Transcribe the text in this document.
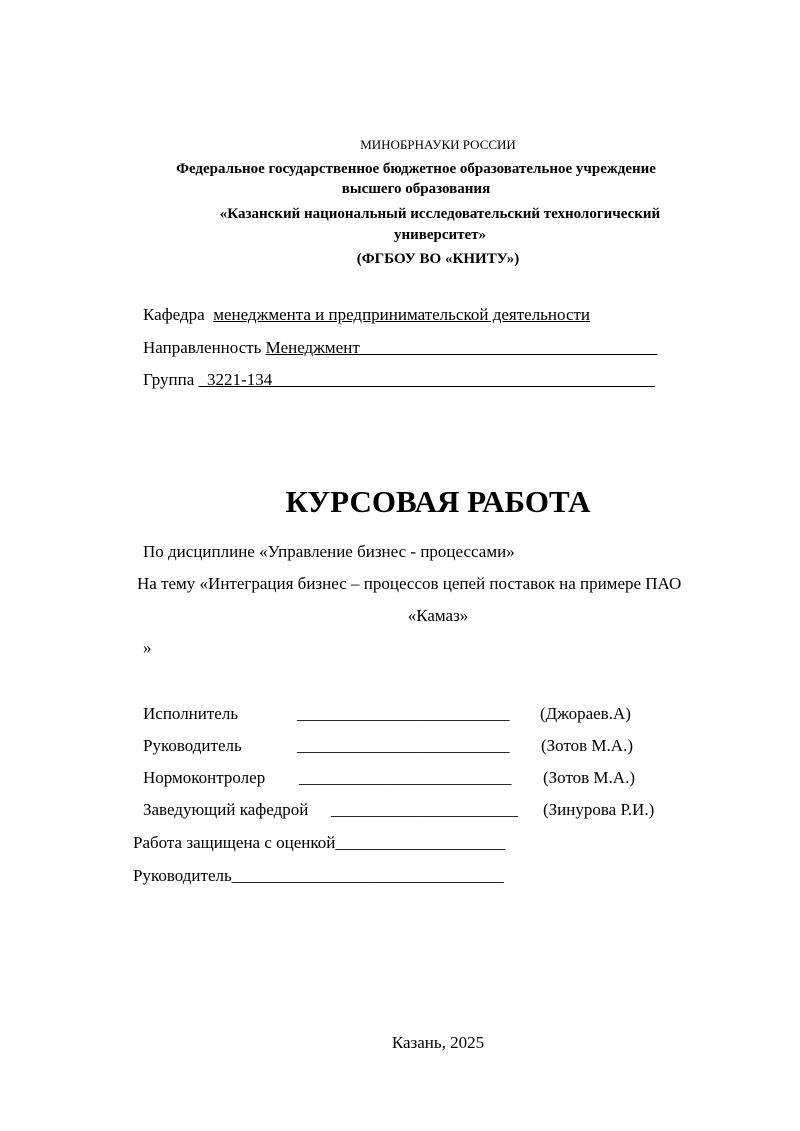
МИНОБРНАУКИ РОССИИ
Федеральное государственное бюджетное образовательное учреждение
высшего образования
«Казанский национальный исследовательский технологический
университет»
(ФГБОУ ВО «КНИТУ»)
Кафедра менеджмента и предпринимательской деятельности
Направленность Менеджмент___________________________________
Группа _3221-134_____________________________________________
КУРСОВАЯ РАБОТА
По дисциплине «Управление бизнес - процессами»
На тему «Интеграция бизнес – процессов цепей поставок на примере ПАО
«Камаз»
»
Исполнитель	_________________________ (Джораев.А)
Руководитель	_________________________ (Зотов М.А.)
Нормоконтролер _________________________ (Зотов М.А.)
Заведующий кафедрой ______________________ (Зинурова Р.И.)
Работа защищена с оценкой____________________
Руководитель________________________________
Казань, 2025
